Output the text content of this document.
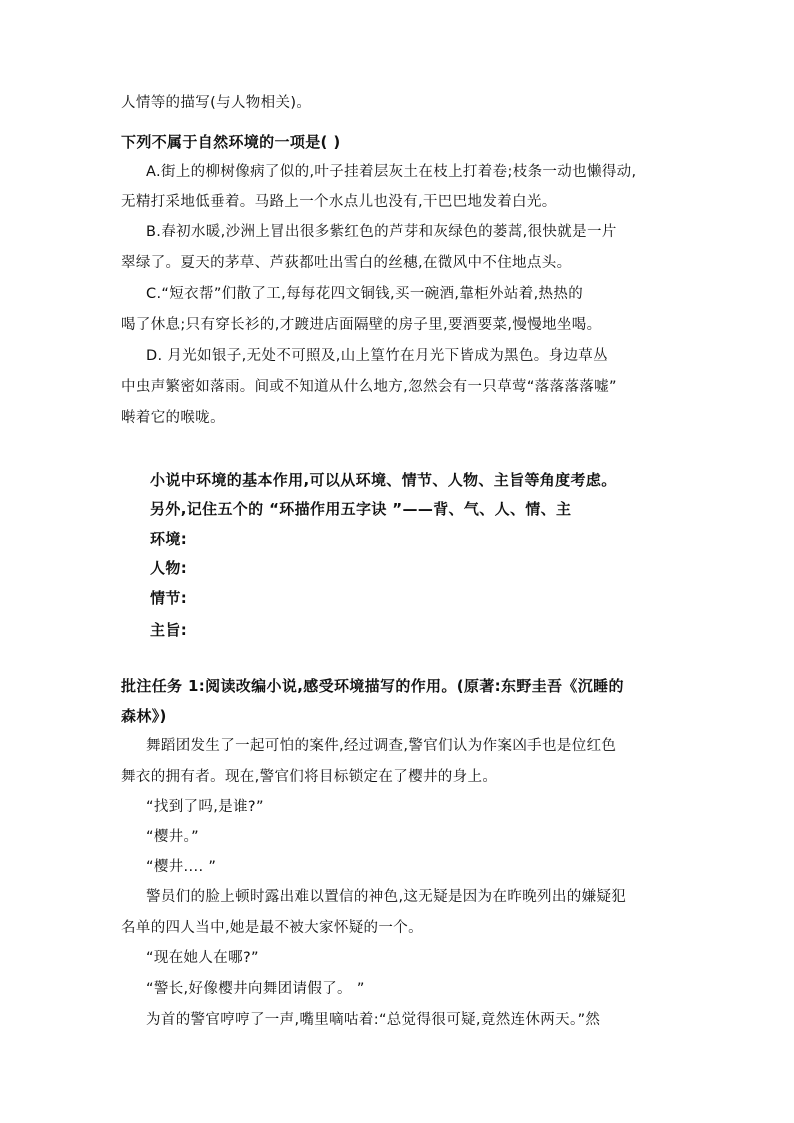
人情等的描写(与人物相关)。
下列不属于自然环境的一项是( )
A.街上的柳树像病了似的,叶子挂着层灰土在枝上打着卷;枝条一动也懒得动,
无精打采地低垂着。马路上一个水点儿也没有,干巴巴地发着白光。
B.春初水暖,沙洲上冒出很多紫红色的芦芽和灰绿色的蒌蒿,很快就是一片
翠绿了。夏天的茅草、芦荻都吐出雪白的丝穗,在微风中不住地点头。
C.“短衣帮”们散了工,每每花四文铜钱,买一碗酒,靠柜外站着,热热的
喝了休息;只有穿长衫的,才踱进店面隔壁的房子里,要酒要菜,慢慢地坐喝。
D. 月光如银子,无处不可照及,山上篁竹在月光下皆成为黑色。身边草丛
中虫声繁密如落雨。间或不知道从什么地方,忽然会有一只草莺“落落落落嘘”
啭着它的喉咙。
小说中环境的基本作用,可以从环境、情节、人物、主旨等角度考虑。
另外,记住五个的 “环描作用五字诀 ”——背、气、人、情、主
环境:
人物:
情节:
主旨:
批注任务 1:阅读改编小说,感受环境描写的作用。(原著:东野圭吾《沉睡的
森林》)
舞蹈团发生了一起可怕的案件,经过调查,警官们认为作案凶手也是位红色
舞衣的拥有者。现在,警官们将目标锁定在了樱井的身上。
“找到了吗,是谁?”
“樱井。”
“樱井.... ”
警员们的脸上顿时露出难以置信的神色,这无疑是因为在昨晚列出的嫌疑犯
名单的四人当中,她是最不被大家怀疑的一个。
“现在她人在哪?”
“警长,好像樱井向舞团请假了。 ”
为首的警官哼哼了一声,嘴里嘀咕着:“总觉得很可疑,竟然连休两天。”然
